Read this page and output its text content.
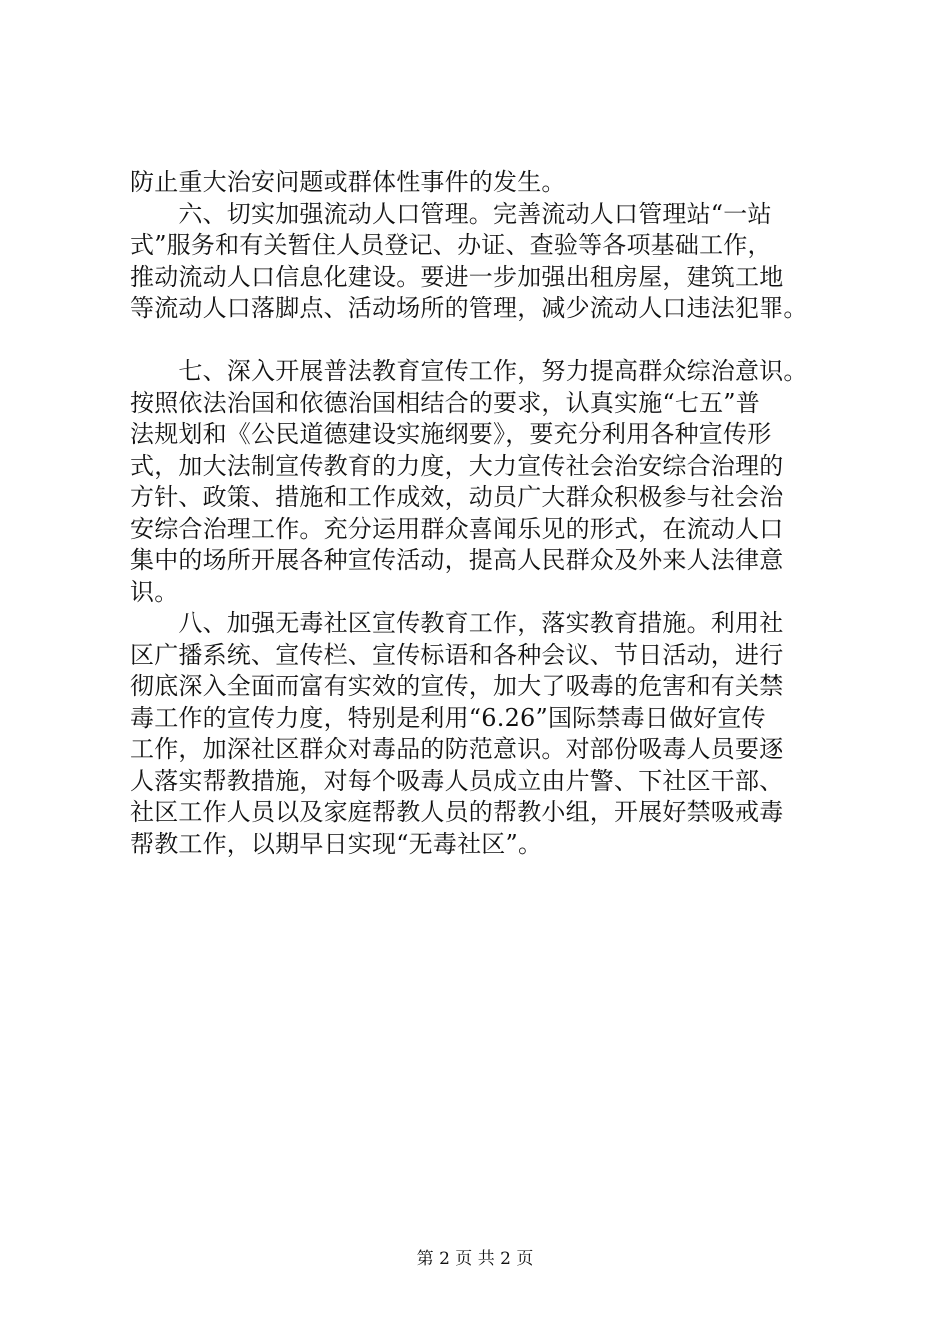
防止重大治安问题或群体性事件的发生。
　　六、切实加强流动人口管理。完善流动人口管理站“一站
式”服务和有关暂住人员登记、办证、查验等各项基础工作，
推动流动人口信息化建设。要进一步加强出租房屋，建筑工地
等流动人口落脚点、活动场所的管理，减少流动人口违法犯罪。
　　七、深入开展普法教育宣传工作，努力提高群众综治意识。
按照依法治国和依德治国相结合的要求，认真实施“七五”普
法规划和《公民道德建设实施纲要》，要充分利用各种宣传形
式，加大法制宣传教育的力度，大力宣传社会治安综合治理的
方针、政策、措施和工作成效，动员广大群众积极参与社会治
安综合治理工作。充分运用群众喜闻乐见的形式，在流动人口
集中的场所开展各种宣传活动，提高人民群众及外来人法律意
识。
　　八、加强无毒社区宣传教育工作，落实教育措施。利用社
区广播系统、宣传栏、宣传标语和各种会议、节日活动，进行
彻底深入全面而富有实效的宣传，加大了吸毒的危害和有关禁
毒工作的宣传力度，特别是利用“6.26”国际禁毒日做好宣传
工作，加深社区群众对毒品的防范意识。对部份吸毒人员要逐
人落实帮教措施，对每个吸毒人员成立由片警、下社区干部、
社区工作人员以及家庭帮教人员的帮教小组，开展好禁吸戒毒
帮教工作，以期早日实现“无毒社区”。
第 2 页 共 2 页
